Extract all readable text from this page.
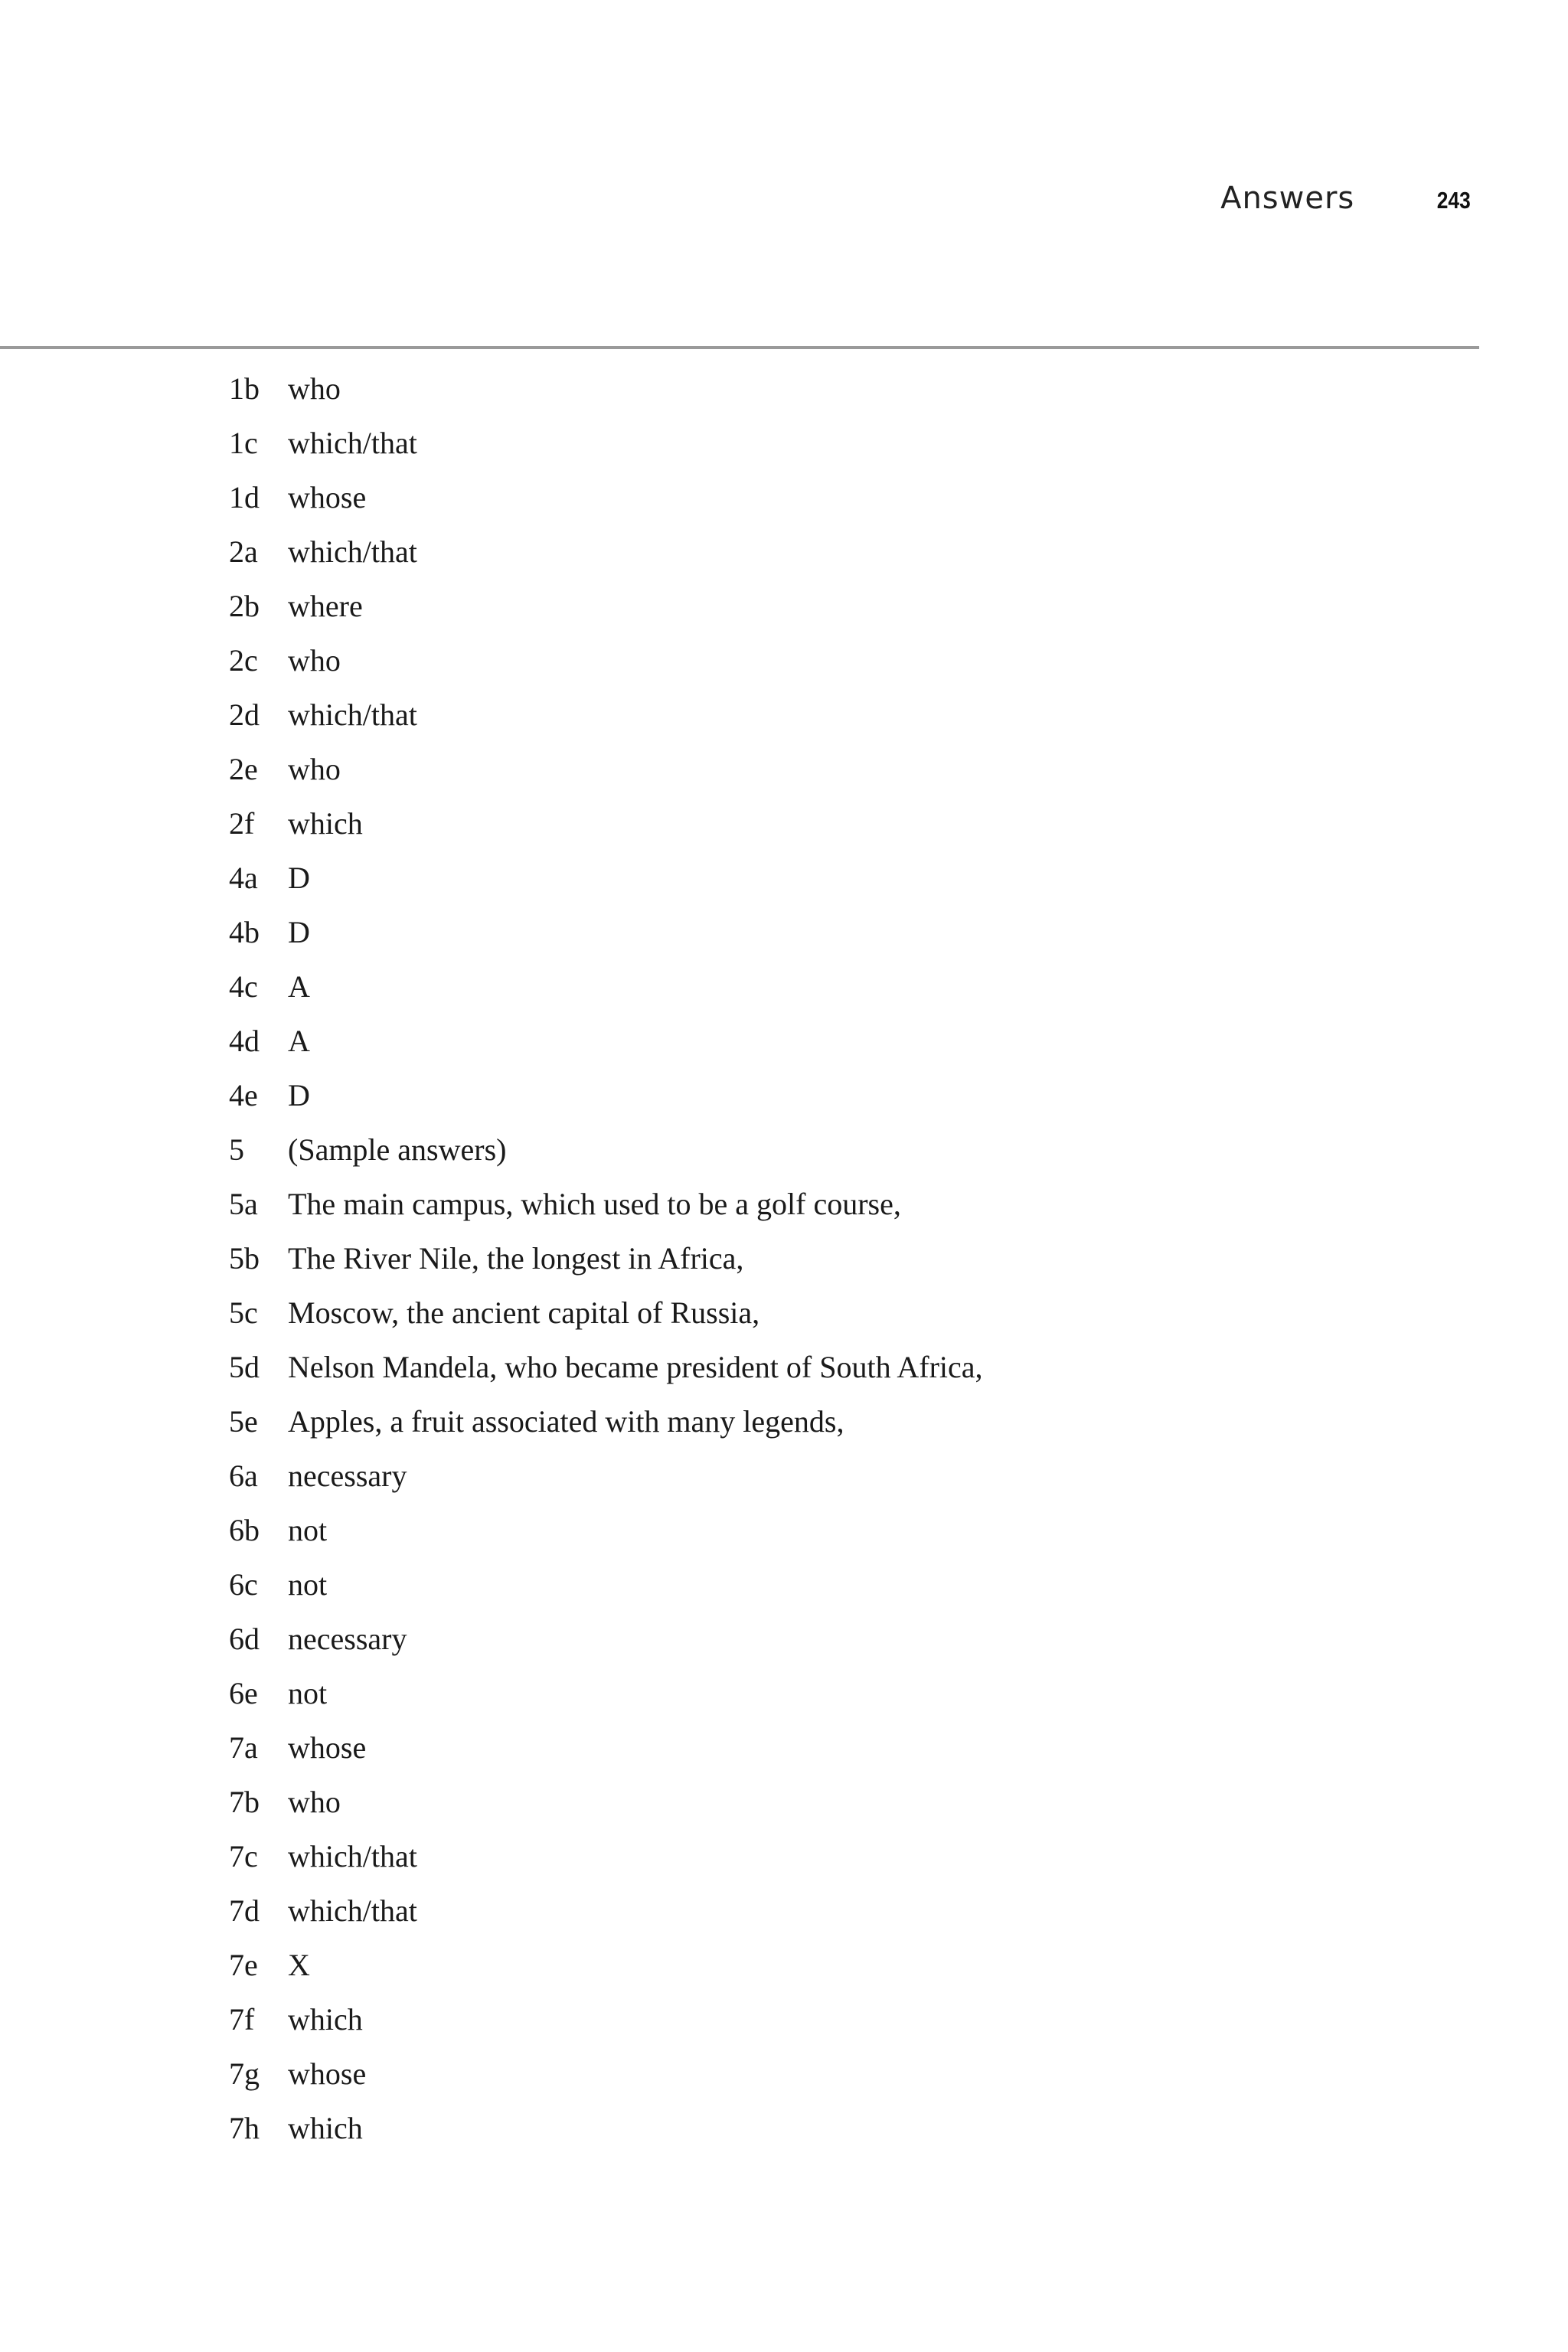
Answers	243
1b who
1c which/that
1d whose
2a which/that
2b where
2c who
2d which/that
2e who
2f	which
4a D
4b D
4c A
4d A
4e D
5	(Sample answers)
5a The main campus, which used to be a golf course,
5b The River Nile, the longest in Africa,
5c Moscow, the ancient capital of Russia,
5d Nelson Mandela, who became president of South Africa,
5e Apples, a fruit associated with many legends,
6a necessary
6b not
6c not
6d necessary
6e not
7a whose
7b who
7c which/that
7d which/that
7e X
7f	which
7g whose
7h which
